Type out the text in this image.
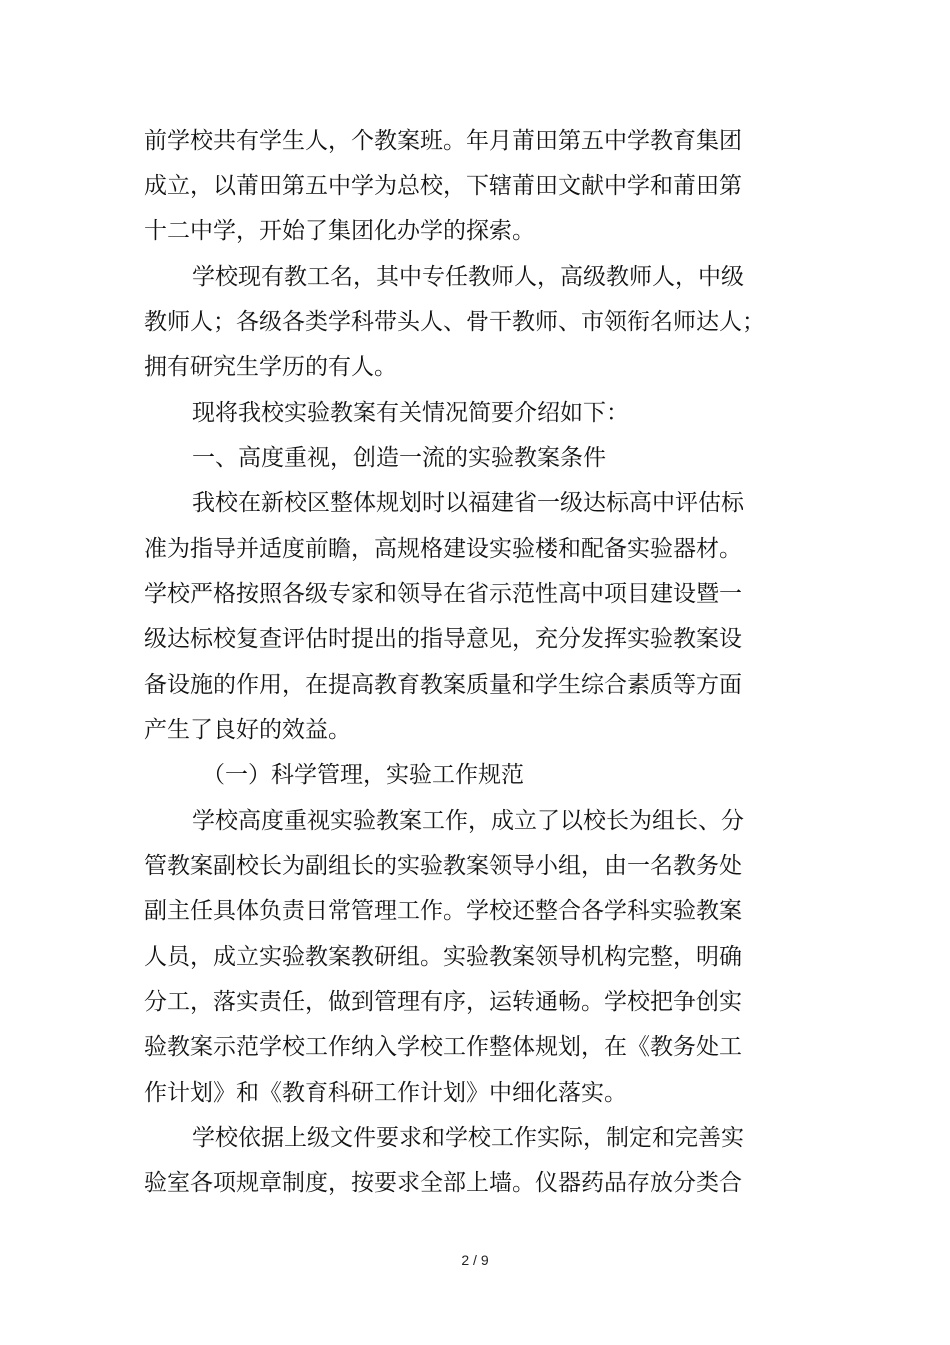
前学校共有学生人，个教案班。年月莆田第五中学教育集团
成立，以莆田第五中学为总校，下辖莆田文献中学和莆田第
十二中学，开始了集团化办学的探索。
学校现有教工名，其中专任教师人，高级教师人，中级
教师人；各级各类学科带头人、骨干教师、市领衔名师达人；
拥有研究生学历的有人。
现将我校实验教案有关情况简要介绍如下：
一、高度重视，创造一流的实验教案条件
我校在新校区整体规划时以福建省一级达标高中评估标
准为指导并适度前瞻，高规格建设实验楼和配备实验器材。
学校严格按照各级专家和领导在省示范性高中项目建设暨一
级达标校复查评估时提出的指导意见，充分发挥实验教案设
备设施的作用，在提高教育教案质量和学生综合素质等方面
产生了良好的效益。
（一）科学管理，实验工作规范
学校高度重视实验教案工作，成立了以校长为组长、分
管教案副校长为副组长的实验教案领导小组，由一名教务处
副主任具体负责日常管理工作。学校还整合各学科实验教案
人员，成立实验教案教研组。实验教案领导机构完整，明确
分工，落实责任，做到管理有序，运转通畅。学校把争创实
验教案示范学校工作纳入学校工作整体规划，在《教务处工
作计划》和《教育科研工作计划》中细化落实。
学校依据上级文件要求和学校工作实际，制定和完善实
验室各项规章制度，按要求全部上墙。仪器药品存放分类合
2 / 9
